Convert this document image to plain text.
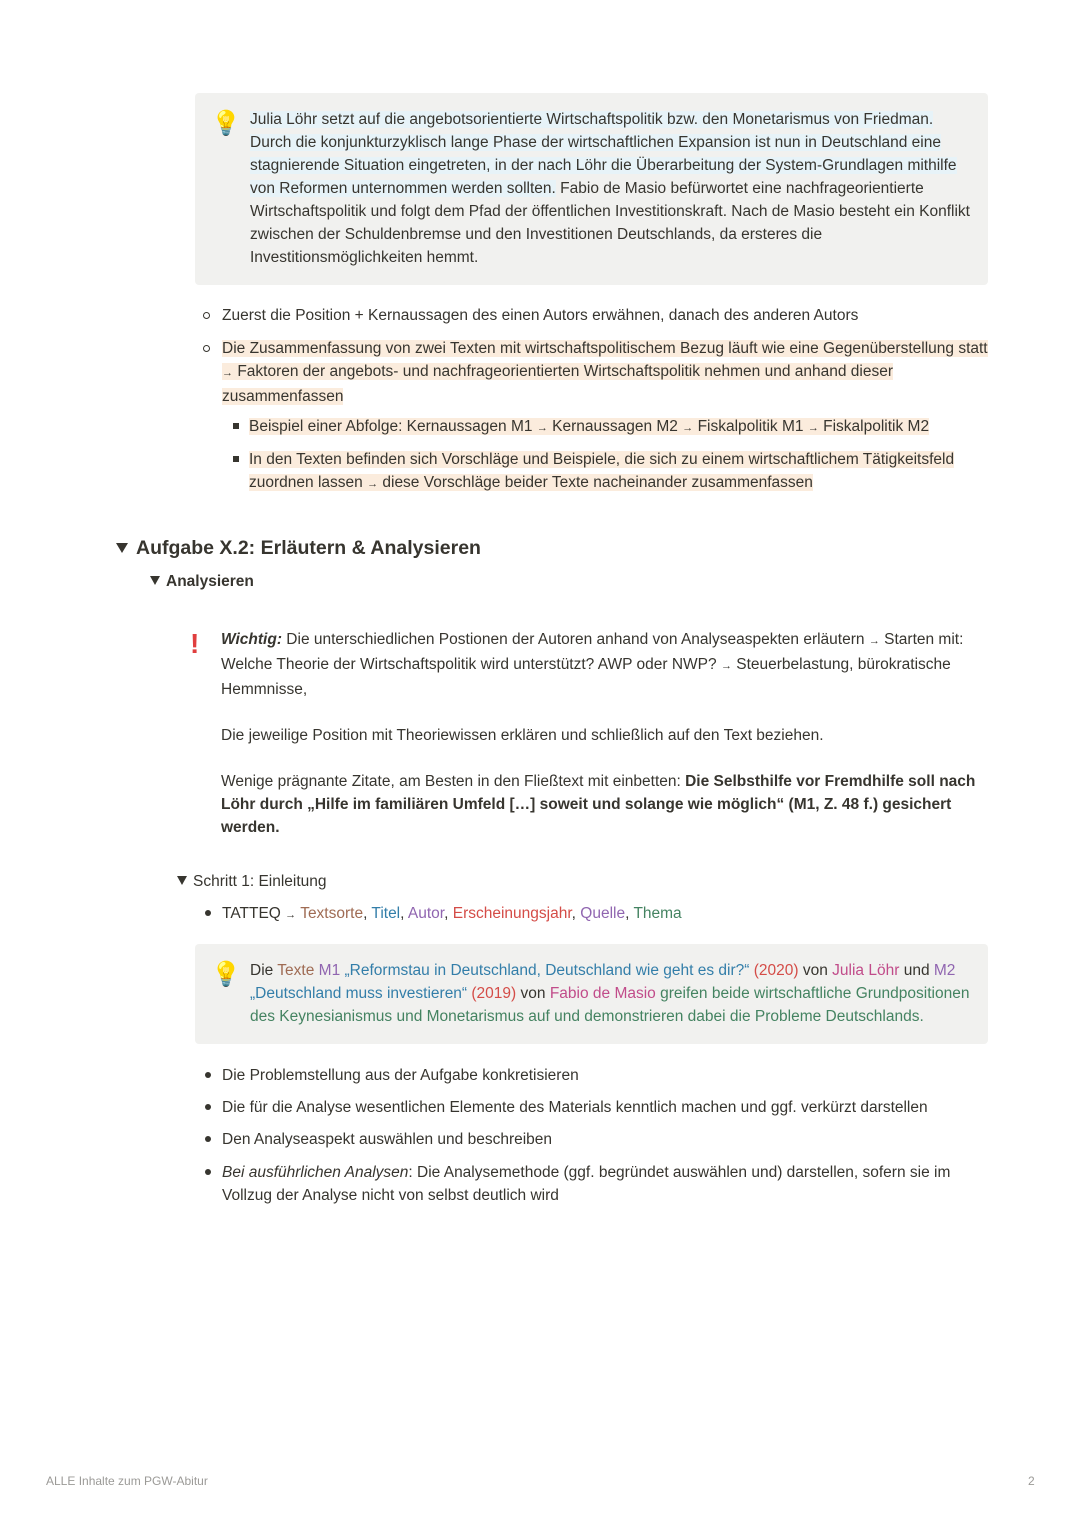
💡 Julia Löhr setzt auf die angebotsorientierte Wirtschaftspolitik bzw. den Monetarismus von Friedman.
Durch die konjunkturzyklisch lange Phase der wirtschaftlichen Expansion ist nun in Deutschland eine
stagnierende Situation eingetreten, in der nach Löhr die Überarbeitung der System-Grundlagen mithilfe
von Reformen unternommen werden sollten. Fabio de Masio befürwortet eine nachfrageorientierte
Wirtschaftspolitik und folgt dem Pfad der öffentlichen Investitionskraft. Nach de Masio besteht ein Konflikt
zwischen der Schuldenbremse und den Investitionen Deutschlands, da ersteres die
Investitionsmöglichkeiten hemmt.
Zuerst die Position + Kernaussagen des einen Autors erwähnen, danach des anderen Autors
Die Zusammenfassung von zwei Texten mit wirtschaftspolitischem Bezug läuft wie eine Gegenüberstellung statt
→ Faktoren der angebots- und nachfrageorientierten Wirtschaftspolitik nehmen und anhand dieser
zusammenfassen
Beispiel einer Abfolge: Kernaussagen M1 → Kernaussagen M2 → Fiskalpolitik M1 → Fiskalpolitik M2
In den Texten befinden sich Vorschläge und Beispiele, die sich zu einem wirtschaftlichem Tätigkeitsfeld
zuordnen lassen → diese Vorschläge beider Texte nacheinander zusammenfassen
Aufgabe X.2: Erläutern & Analysieren
Analysieren
! Wichtig: Die unterschiedlichen Postionen der Autoren anhand von Analyseaspekten erläutern → Starten mit:
Welche Theorie der Wirtschaftspolitik wird unterstützt? AWP oder NWP? → Steuerbelastung, bürokratische
Hemmnisse,

Die jeweilige Position mit Theoriewissen erklären und schließlich auf den Text beziehen.

Wenige prägnante Zitate, am Besten in den Fließtext mit einbetten: Die Selbsthilfe vor Fremdhilfe soll nach
Löhr durch „Hilfe im familiären Umfeld […] soweit und solange wie möglich“ (M1, Z. 48 f.) gesichert
werden.
Schritt 1: Einleitung
TATTEQ → Textsorte, Titel, Autor, Erscheinungsjahr, Quelle, Thema
💡 Die Texte M1 „Reformstau in Deutschland, Deutschland wie geht es dir?“ (2020) von Julia Löhr und M2
„Deutschland muss investieren“ (2019) von Fabio de Masio greifen beide wirtschaftliche Grundpositionen
des Keynesianismus und Monetarismus auf und demonstrieren dabei die Probleme Deutschlands.
Die Problemstellung aus der Aufgabe konkretisieren
Die für die Analyse wesentlichen Elemente des Materials kenntlich machen und ggf. verkürzt darstellen
Den Analyseaspekt auswählen und beschreiben
Bei ausführlichen Analysen: Die Analysemethode (ggf. begründet auswählen und) darstellen, sofern sie im
Vollzug der Analyse nicht von selbst deutlich wird
ALLE Inhalte zum PGW-Abitur	2
